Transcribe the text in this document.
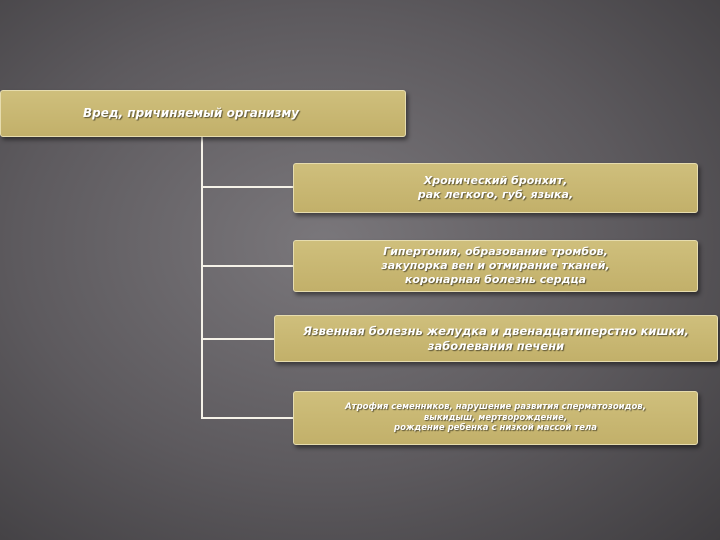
Вред, причиняемый организму
Хронический бронхит,
рак легкого, губ, языка,
Гипертония, образование тромбов,
закупорка вен и отмирание тканей,
коронарная болезнь сердца
Язвенная болезнь желудка и двенадцатиперстно кишки,
заболевания печени
Атрофия семенников, нарушение развития сперматозоидов,
выкидыш, мертворождение,
рождение ребенка с низкой массой тела
